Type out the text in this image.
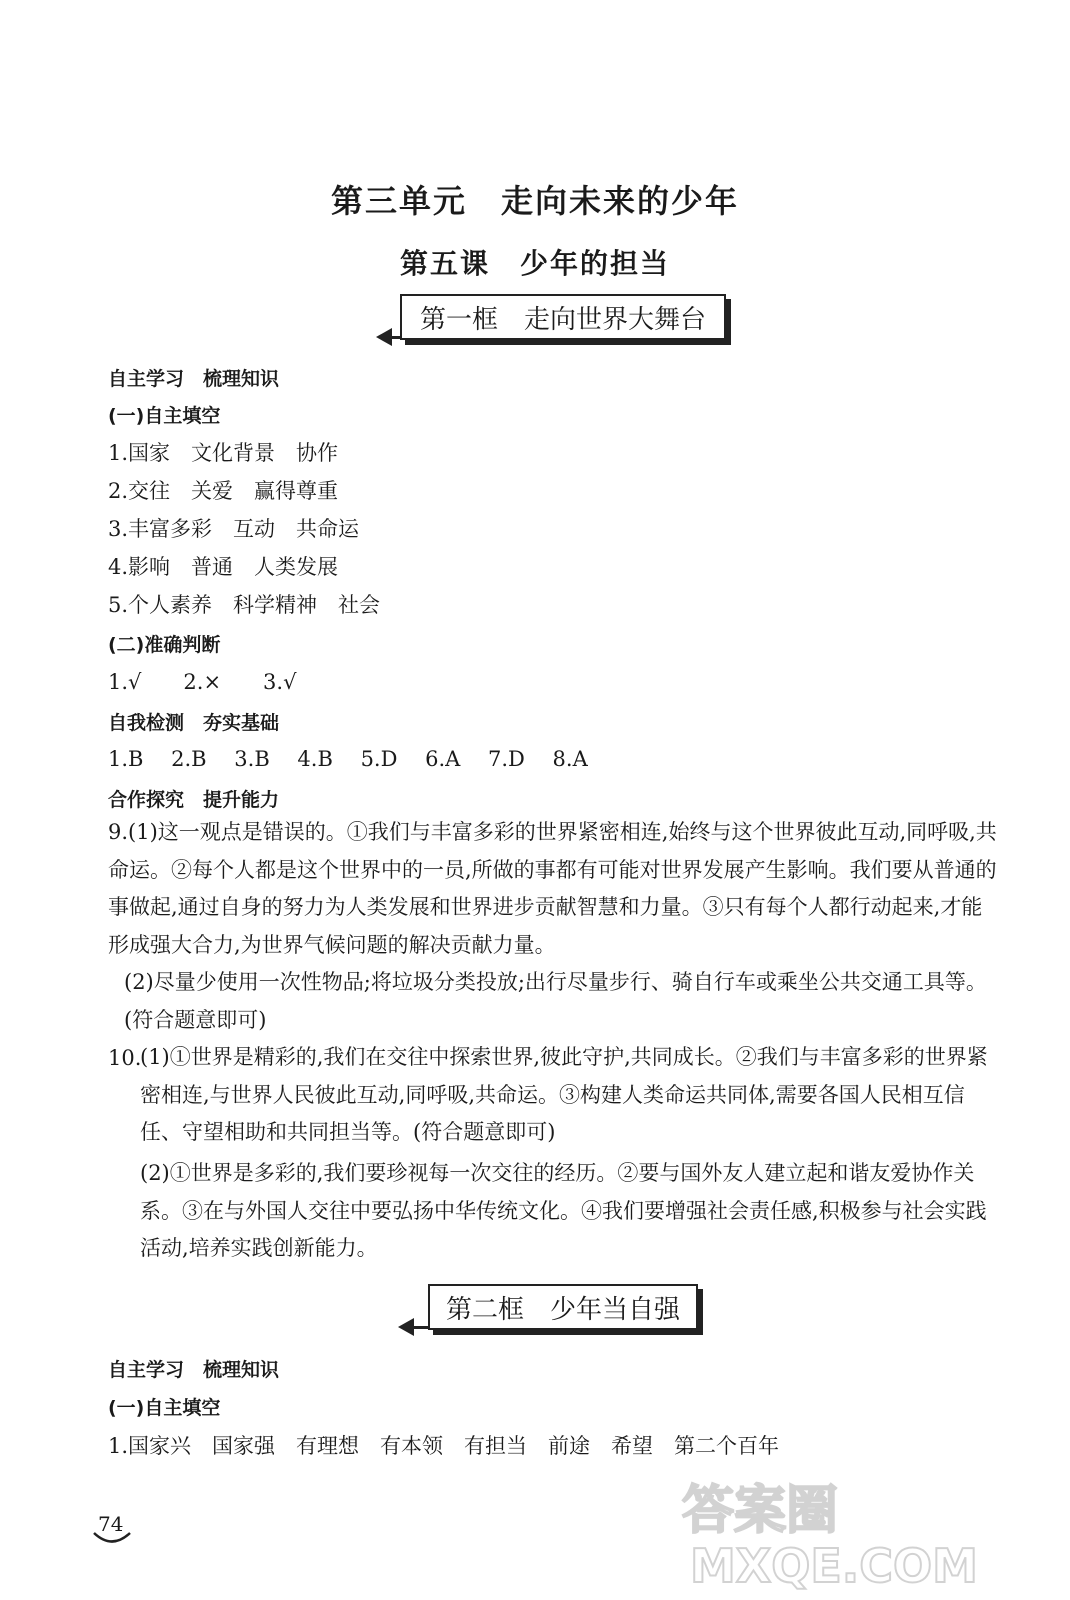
第三单元　走向未来的少年
第五课　少年的担当
第一框　走向世界大舞台
自主学习　梳理知识
(一)自主填空
1.国家　文化背景　协作
2.交往　关爱　赢得尊重
3.丰富多彩　互动　共命运
4.影响　普通　人类发展
5.个人素养　科学精神　社会
(二)准确判断
1.√　　2.×　　3.√
自我检测　夯实基础
1.B　 2.B　 3.B　 4.B　 5.D　 6.A　 7.D　 8.A
合作探究　提升能力
9.(1)这一观点是错误的。①我们与丰富多彩的世界紧密相连,始终与这个世界彼此互动,同呼吸,共命运。②每个人都是这个世界中的一员,所做的事都有可能对世界发展产生影响。我们要从普通的事做起,通过自身的努力为人类发展和世界进步贡献智慧和力量。③只有每个人都行动起来,才能形成强大合力,为世界气候问题的解决贡献力量。
(2)尽量少使用一次性物品;将垃圾分类投放;出行尽量步行、骑自行车或乘坐公共交通工具等。(符合题意即可)
10.
(1)①世界是精彩的,我们在交往中探索世界,彼此守护,共同成长。②我们与丰富多彩的世界紧密相连,与世界人民彼此互动,同呼吸,共命运。③构建人类命运共同体,需要各国人民相互信任、守望相助和共同担当等。(符合题意即可)
(2)①世界是多彩的,我们要珍视每一次交往的经历。②要与国外友人建立起和谐友爱协作关系。③在与外国人交往中要弘扬中华传统文化。④我们要增强社会责任感,积极参与社会实践活动,培养实践创新能力。
第二框　少年当自强
自主学习　梳理知识
(一)自主填空
1.国家兴　国家强　有理想　有本领　有担当　前途　希望　第二个百年
74	答案圈
MXQE.COM
